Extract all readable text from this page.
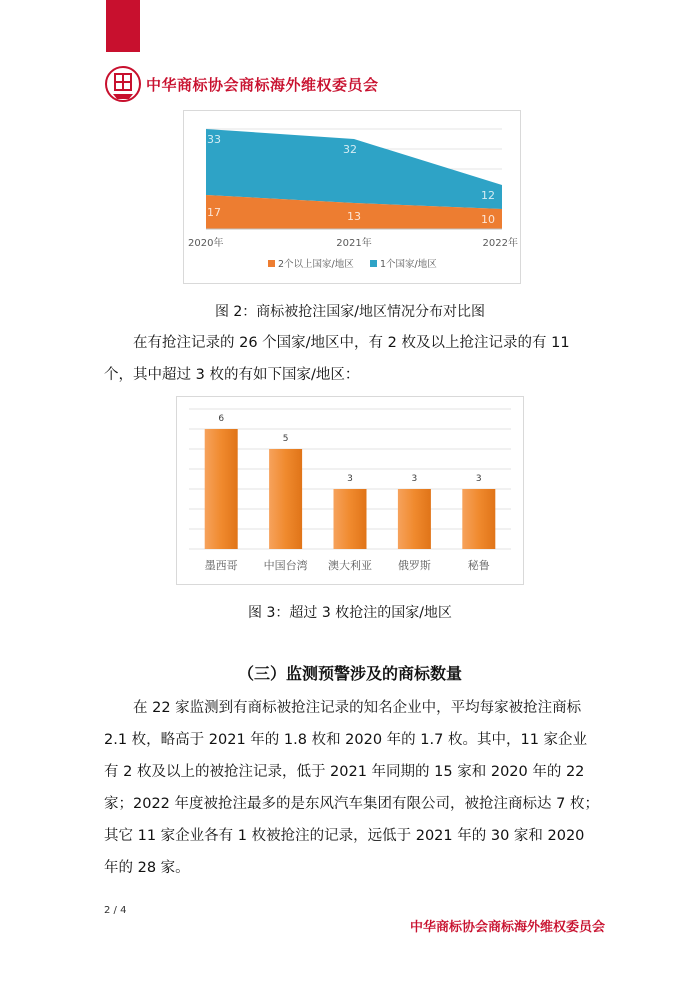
中华商标协会商标海外维权委员会
17	13	10
33
32
12
2020年	2021年	2022年
2个以上国家/地区	1个国家/地区
图 2：商标被抢注国家/地区情况分布对比图

在有抢注记录的 26 个国家/地区中，有 2 枚及以上抢注记录的有 11 个，其中超过 3 枚的有如下国家/地区：

6
墨西哥
5
中国台湾
3
澳大利亚
3
俄罗斯
3
秘鲁
图 3：超过 3 枚抢注的国家/地区
（三）监测预警涉及的商标数量

在 22 家监测到有商标被抢注记录的知名企业中，平均每家被抢注商标 2.1 枚，略高于 2021 年的 1.8 枚和 2020 年的 1.7 枚。其中，11 家企业有 2 枚及以上的被抢注记录，低于 2021 年同期的 15 家和 2020 年的 22 家；2022 年度被抢注最多的是东风汽车集团有限公司，被抢注商标达 7 枚；其它 11 家企业各有 1 枚被抢注的记录，远低于 2021 年的 30 家和 2020 年的 28 家。

2 / 4
中华商标协会商标海外维权委员会
